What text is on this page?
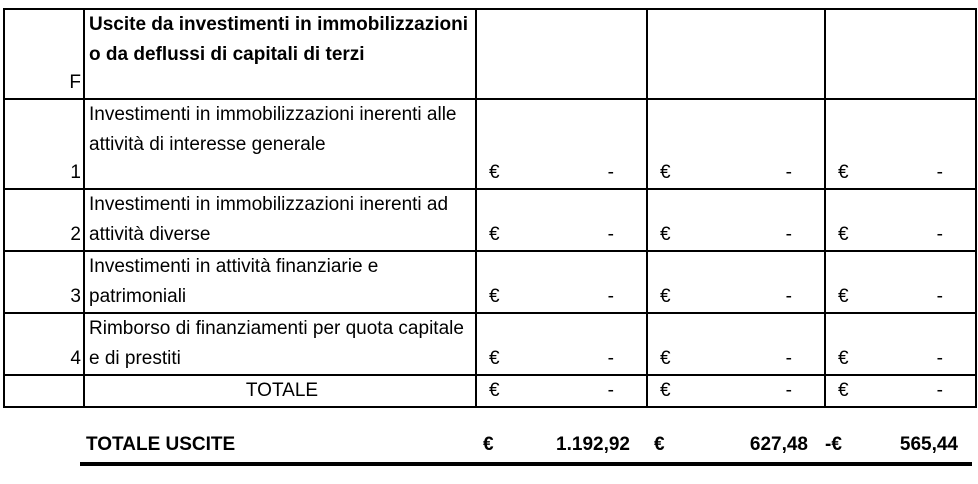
F	Uscite da investimenti in immobilizzazioni o da deflussi di capitali di terzi			

1	Investimenti in immobilizzazioni inerenti alle attività di interesse generale	€ -	€ -	€ -

2	Investimenti in immobilizzazioni inerenti ad attività diverse	€ -	€ -	€ -

3	Investimenti in attività finanziarie e patrimoniali	€ -	€ -	€ -

4	Rimborso di finanziamenti per quota capitale e di prestiti	€ -	€ -	€ -

	TOTALE	€ -	€ -	€ -
TOTALE USCITE	€	1.192,92 €	627,48 -€	565,44
